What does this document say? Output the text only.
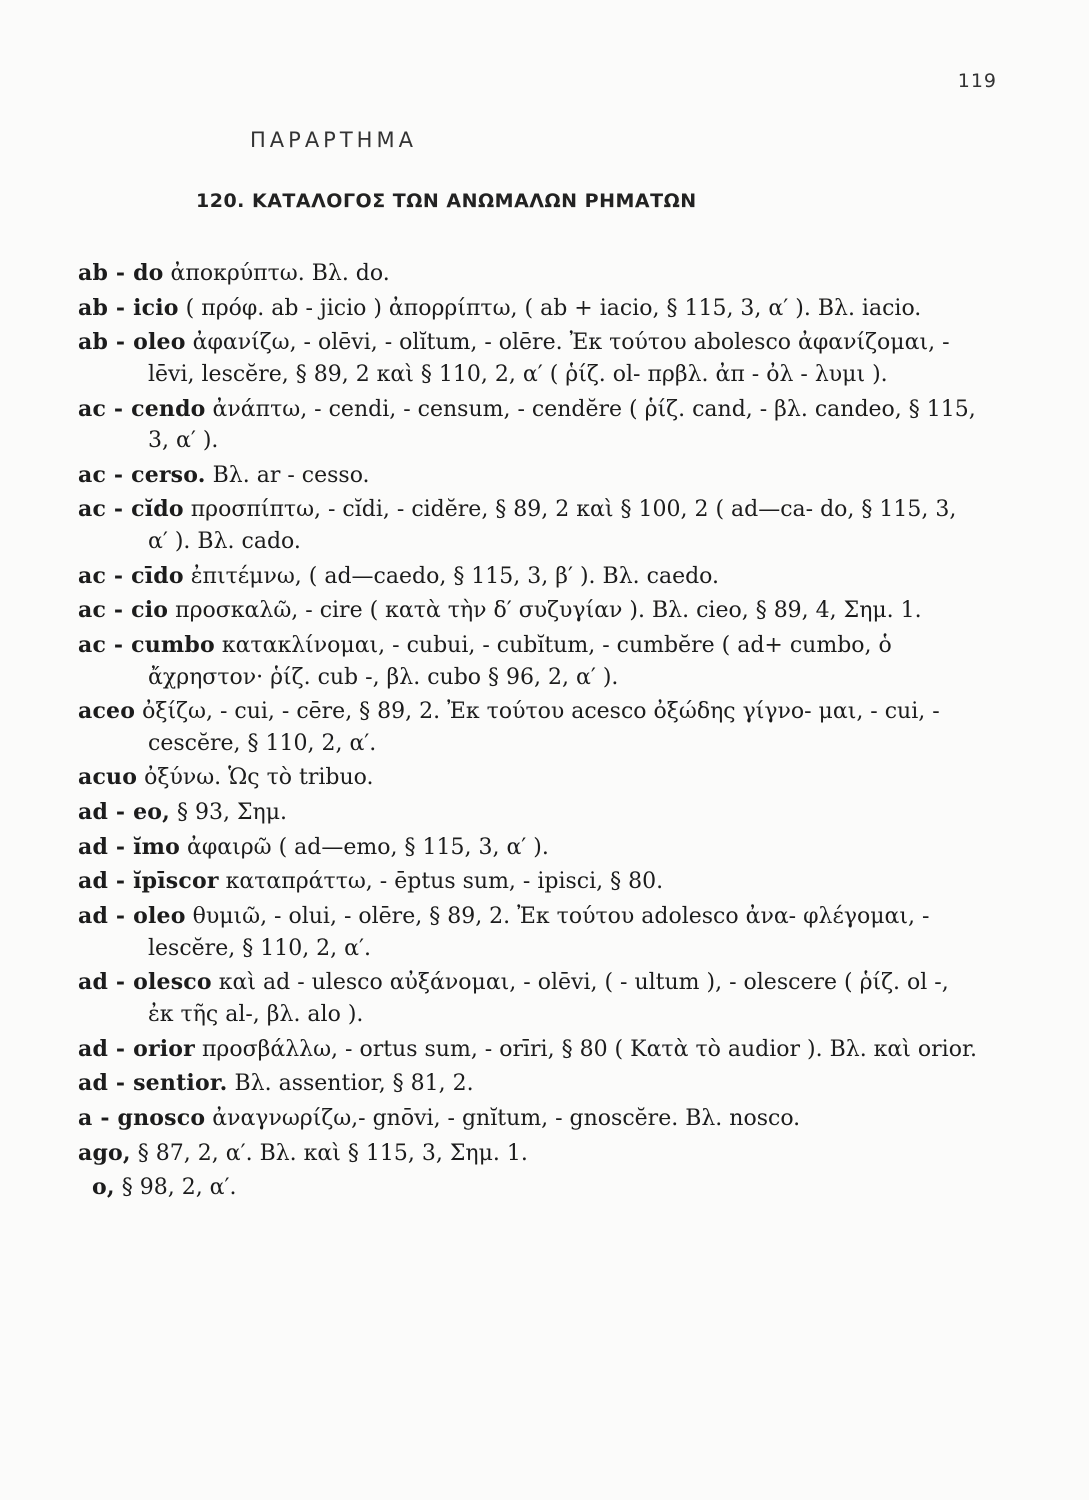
119
ΠΑΡΑΡΤΗΜΑ
120. ΚΑΤΑΛΟΓΟΣ ΤΩΝ ΑΝΩΜΑΛΩΝ ΡΗΜΑΤΩΝ

ab - do ἀποκρύπτω. Βλ. do.

ab - icio ( πρόφ. ab - jicio ) ἀπορρίπτω, ( ab + iacio, § 115, 3, α′ ). Βλ. iacio.

ab - oleo ἀφανίζω, - olēvi, - olĭtum, - olēre. Ἐκ τούτου abolesco ἀφανίζομαι, - lēvi, lescĕre, § 89, 2 καὶ § 110, 2, α′ ( ῥίζ. ol- πρβλ. ἀπ - ὀλ - λυμι ).

ac - cendo ἀνάπτω, - cendi, - censum, - cendĕre ( ῥίζ. cand, - βλ. candeo, § 115, 3, α′ ).

ac - cerso. Βλ. ar - cesso.

ac - cĭdo προσπίπτω, - cĭdi, - cidĕre, § 89, 2 καὶ § 100, 2 ( ad—ca- do, § 115, 3, α′ ). Βλ. cado.

ac - cīdo ἐπιτέμνω, ( ad—caedo, § 115, 3, β′ ). Βλ. caedo.

ac - cio προσκαλῶ, - cire ( κατὰ τὴν δ′ συζυγίαν ). Βλ. cieo, § 89, 4, Σημ. 1.

ac - cumbo κατακλίνομαι, - cubui, - cubĭtum, - cumbĕre ( ad+ cumbo, ὁ ἄχρηστον· ῥίζ. cub -, βλ. cubo § 96, 2, α′ ).

aceo ὀξίζω, - cui, - cēre, § 89, 2. Ἐκ τούτου acesco ὀξώδης γίγνο- μαι, - cui, - cescĕre, § 110, 2, α′.

acuo ὀξύνω. Ὡς τὸ tribuo.

ad - eo, § 93, Σημ.

ad - ĭmo ἀφαιρῶ ( ad—emo, § 115, 3, α′ ).

ad - ĭpīscor καταπράττω, - ēptus sum, - ipisci, § 80.

ad - oleo θυμιῶ, - olui, - olēre, § 89, 2. Ἐκ τούτου adolesco ἀνα- φλέγομαι, - lescĕre, § 110, 2, α′.

ad - olesco καὶ ad - ulesco αὐξάνομαι, - olēvi, ( - ultum ), - olescere ( ῥίζ. ol -, ἐκ τῆς al-, βλ. alo ).

ad - orior προσβάλλω, - ortus sum, - orīri, § 80 ( Κατὰ τὸ audior ). Βλ. καὶ orior.

ad - sentior. Βλ. assentior, § 81, 2.

a - gnosco ἀναγνωρίζω,- gnōvi, - gnĭtum, - gnoscĕre. Βλ. nosco.

ago, § 87, 2, α′. Βλ. καὶ § 115, 3, Σημ. 1.

o, § 98, 2, α′.
